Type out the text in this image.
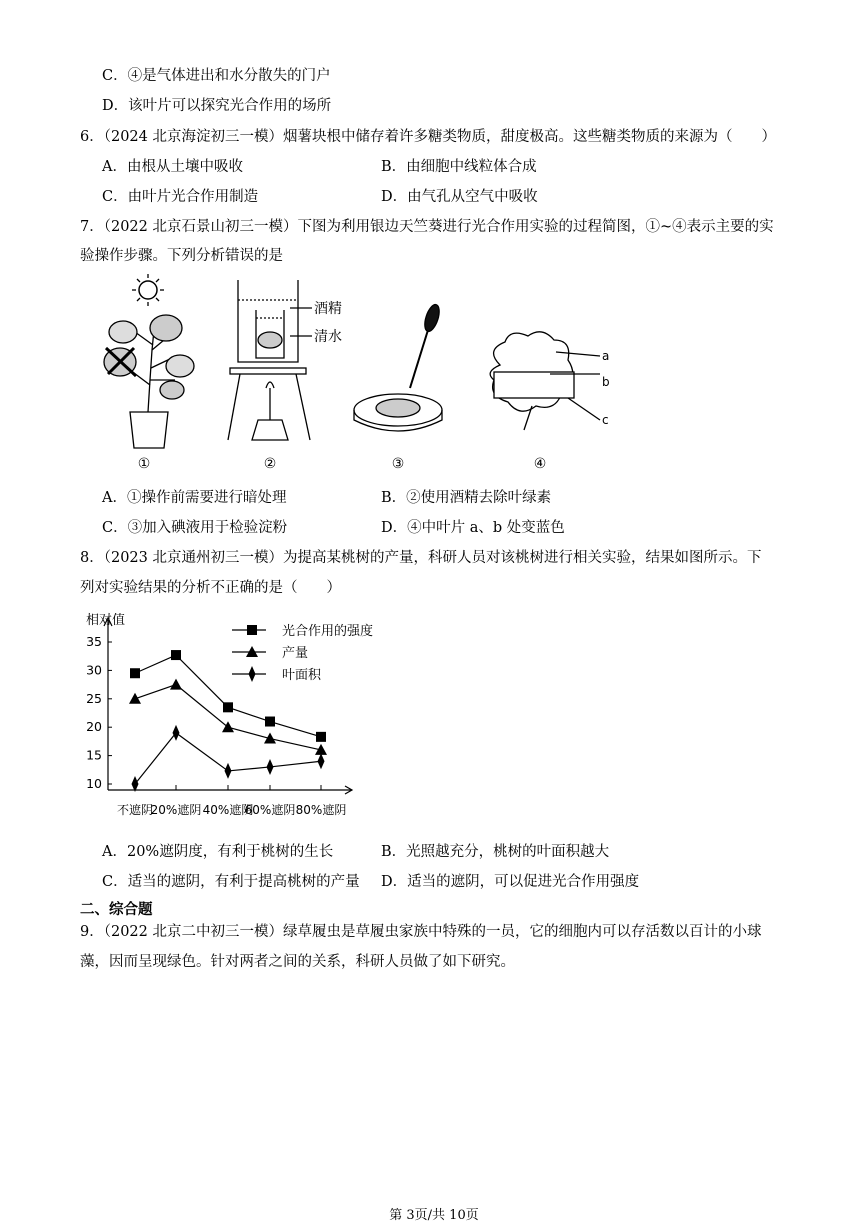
C．④是气体进出和水分散失的门户
D．该叶片可以探究光合作用的场所
6．（2024 北京海淀初三一模）烟薯块根中储存着许多糖类物质，甜度极高。这些糖类物质的来源为（　　）
A．由根从土壤中吸收	B．由细胞中线粒体合成
C．由叶片光合作用制造	D．由气孔从空气中吸收
7．（2022 北京石景山初三一模）下图为利用银边天竺葵进行光合作用实验的过程简图，①~④表示主要的实
验操作步骤。下列分析错误的是
①
酒精
清水
②	③
a
b
c
④
A．①操作前需要进行暗处理	B．②使用酒精去除叶绿素
C．③加入碘液用于检验淀粉	D．④中叶片 a、b 处变蓝色
8．（2023 北京通州初三一模）为提高某桃树的产量，科研人员对该桃树进行相关实验，结果如图所示。下
列对实验结果的分析不正确的是（　　）
相对值
10
15
20
25
30
35
不遮阴
20%遮阴 40%遮阴
60%遮阴 80%遮阴
光合作用的强度
产量
叶面积
A．20%遮阴度，有利于桃树的生长	B．光照越充分，桃树的叶面积越大
C．适当的遮阴，有利于提高桃树的产量 D．适当的遮阴，可以促进光合作用强度
二、综合题
9．（2022 北京二中初三一模）绿草履虫是草履虫家族中特殊的一员，它的细胞内可以存活数以百计的小球
藻，因而呈现绿色。针对两者之间的关系，科研人员做了如下研究。
第 3页/共 10页
